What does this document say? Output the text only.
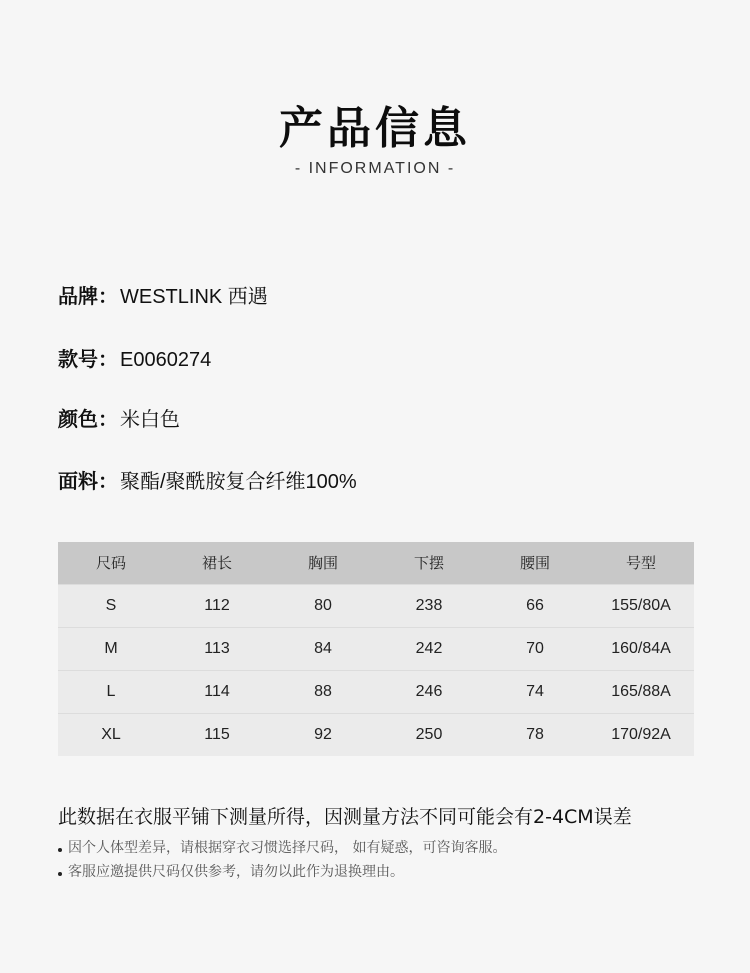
产品信息
- INFORMATION -
品牌： WESTLINK 西遇
款号： E0060274
颜色： 米白色
面料： 聚酯/聚酰胺复合纤维100%
尺码	裙长	胸围	下摆	腰围	号型
S	112	80	238	66	155/80A
M	113	84	242	70	160/84A
L	114	88	246	74	165/88A
XL	115	92	250	78	170/92A
此数据在衣服平铺下测量所得，因测量方法不同可能会有2-4CM误差
因个人体型差异，请根据穿衣习惯选择尺码， 如有疑惑，可咨询客服。
客服应邀提供尺码仅供参考，请勿以此作为退换理由。
